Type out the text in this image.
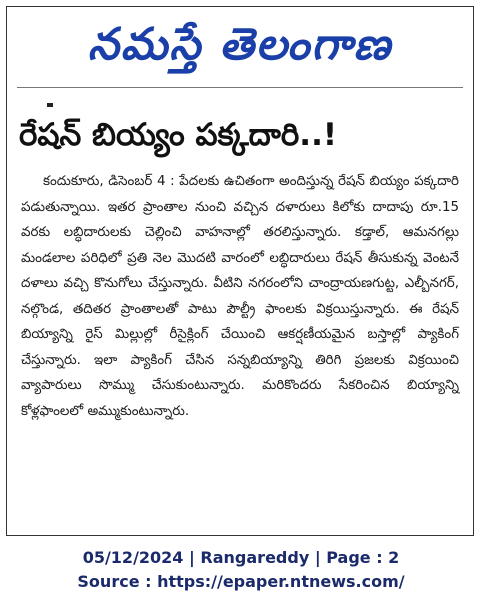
నమస్తే తెలంగాణ
రేషన్ బియ్యం పక్కదారి..!
కందుకూరు, డిసెంబర్ 4 : పేదలకు ఉచితంగా అందిస్తున్న రేషన్ బియ్యం పక్కదారి పడుతున్నాయి. ఇతర ప్రాంతాల నుంచి వచ్చిన దళారులు కిలోకు దాదాపు రూ.15 వరకు లబ్ధిదారులకు చెల్లించి వాహనాల్లో తరలిస్తున్నారు. కడ్తాల్, ఆమనగల్లు మండలాల పరిధిలో ప్రతి నెల మొదటి వారంలో లబ్ధిదారులు రేషన్ తీసుకున్న వెంటనే దళాలు వచ్చి కొనుగోలు చేస్తున్నారు. వీటిని నగరంలోని చాంద్రాయణగుట్ట, ఎల్బీనగర్, నల్గొండ, తదితర ప్రాంతాలతో పాటు పౌల్ట్రీ ఫాంలకు విక్రయిస్తున్నారు. ఈ రేషన్ బియ్యాన్ని రైస్ మిల్లుల్లో రీసైక్లింగ్ చేయించి ఆకర్షణీయమైన బస్తాల్లో ప్యాకింగ్ చేస్తున్నారు. ఇలా ప్యాకింగ్ చేసిన సన్నబియ్యాన్ని తిరిగి ప్రజలకు విక్రయించి వ్యాపారులు సొమ్ము చేసుకుంటున్నారు. మరికొందరు సేకరించిన బియ్యాన్ని కోళ్లఫాంలలో అమ్ముకుంటున్నారు.
05/12/2024 | Rangareddy | Page : 2
Source : https://epaper.ntnews.com/
